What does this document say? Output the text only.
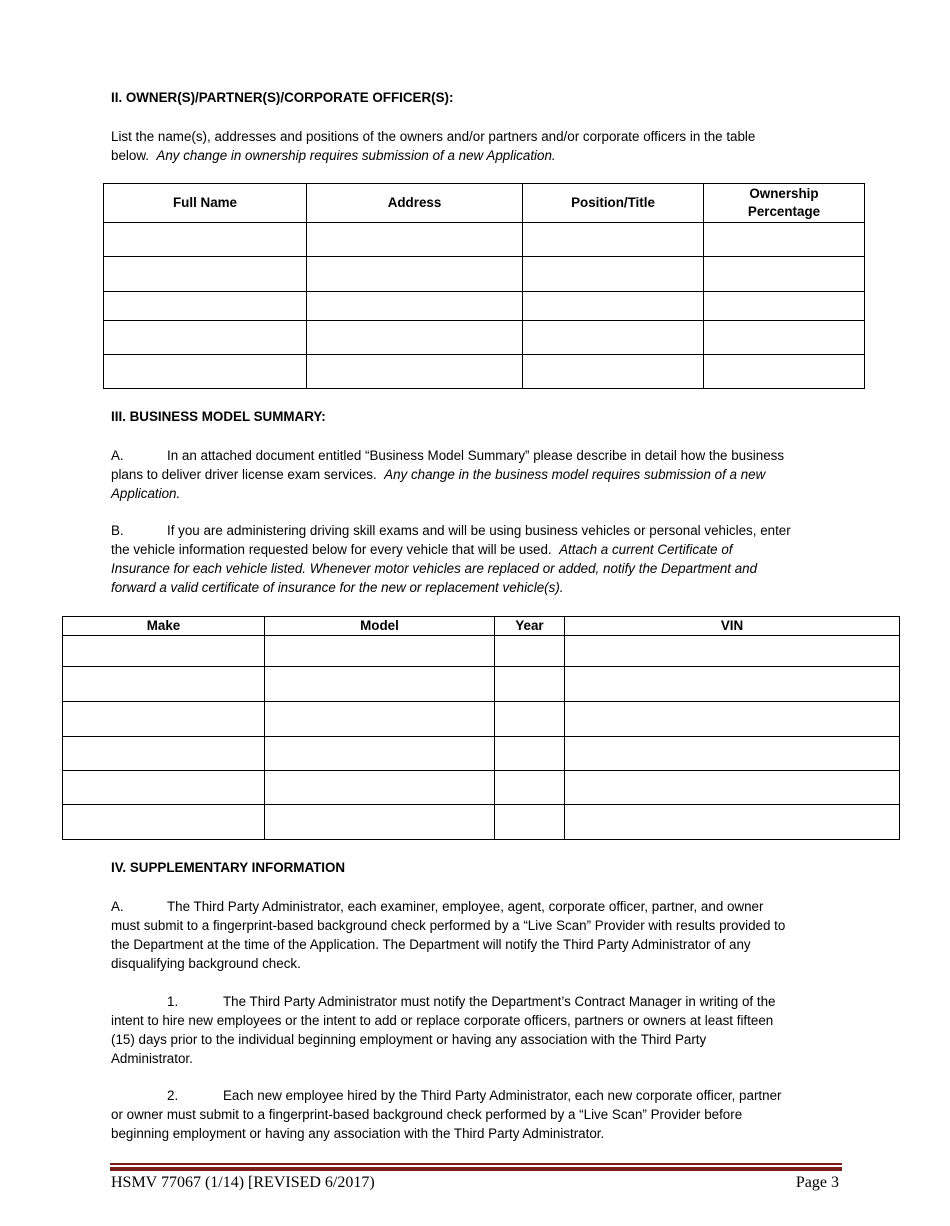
II. OWNER(S)/PARTNER(S)/CORPORATE OFFICER(S):
List the name(s), addresses and positions of the owners and/or partners and/or corporate officers in the table
below. Any change in ownership requires submission of a new Application.
Full Name	Address	Position/Title	Ownership
Percentage

III. BUSINESS MODEL SUMMARY:
A.	In an attached document entitled “Business Model Summary” please describe in detail how the business
plans to deliver driver license exam services. Any change in the business model requires submission of a new
Application.
B.	If you are administering driving skill exams and will be using business vehicles or personal vehicles, enter
the vehicle information requested below for every vehicle that will be used. Attach a current Certificate of
Insurance for each vehicle listed. Whenever motor vehicles are replaced or added, notify the Department and
forward a valid certificate of insurance for the new or replacement vehicle(s).
Make	Model	Year	VIN

IV. SUPPLEMENTARY INFORMATION
A.	The Third Party Administrator, each examiner, employee, agent, corporate officer, partner, and owner
must submit to a fingerprint-based background check performed by a “Live Scan” Provider with results provided to
the Department at the time of the Application. The Department will notify the Third Party Administrator of any
disqualifying background check.
1.	The Third Party Administrator must notify the Department’s Contract Manager in writing of the
intent to hire new employees or the intent to add or replace corporate officers, partners or owners at least fifteen
(15) days prior to the individual beginning employment or having any association with the Third Party
Administrator.
2.	Each new employee hired by the Third Party Administrator, each new corporate officer, partner
or owner must submit to a fingerprint-based background check performed by a “Live Scan” Provider before
beginning employment or having any association with the Third Party Administrator.
HSMV 77067 (1/14) [REVISED 6/2017)	Page 3
